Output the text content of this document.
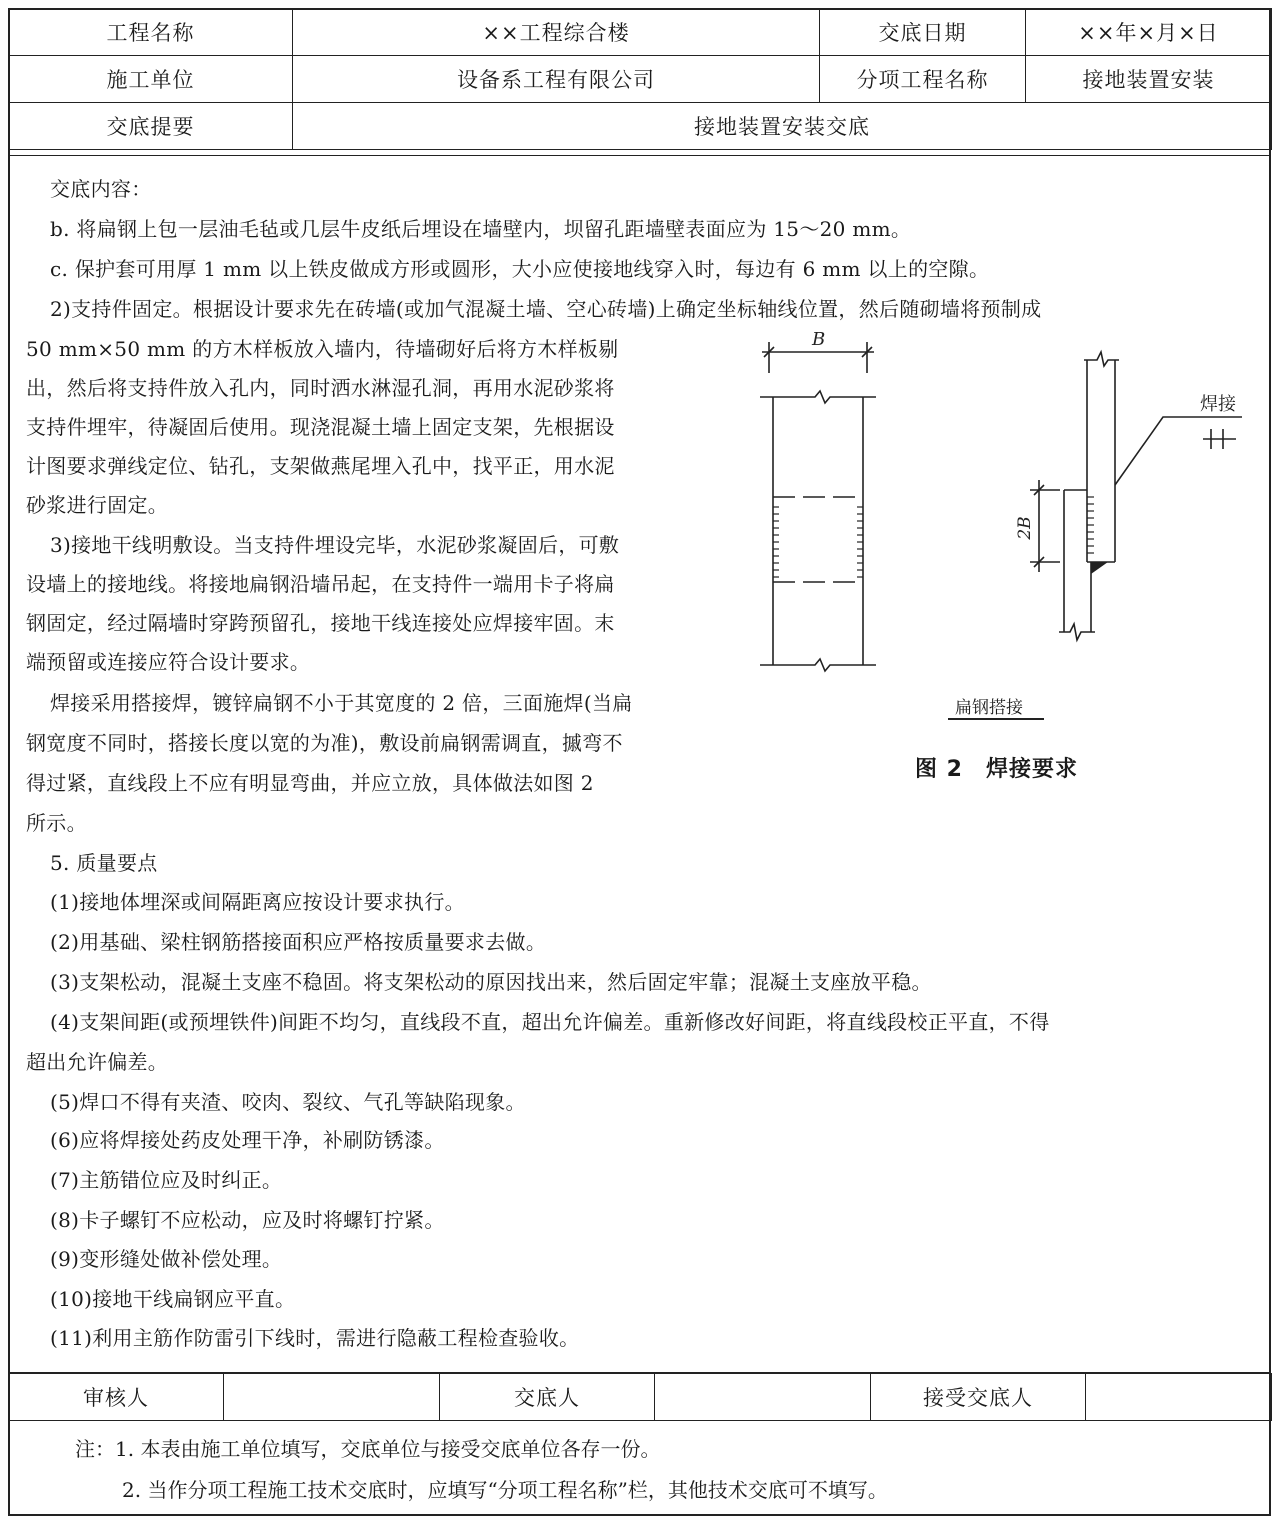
工程名称	××工程综合楼	交底日期	××年×月×日
施工单位	设备系工程有限公司	分项工程名称	接地装置安装
交底提要	接地装置安装交底		
交底内容：
b. 将扁钢上包一层油毛毡或几层牛皮纸后埋设在墙壁内，坝留孔距墙壁表面应为 15～20 mm。
c. 保护套可用厚 1 mm 以上铁皮做成方形或圆形，大小应使接地线穿入时，每边有 6 mm 以上的空隙。
2)支持件固定。根据设计要求先在砖墙(或加气混凝土墙、空心砖墙)上确定坐标轴线位置，然后随砌墙将预制成
50 mm×50 mm 的方木样板放入墙内，待墙砌好后将方木样板剔
出，然后将支持件放入孔内，同时洒水淋湿孔洞，再用水泥砂浆将
支持件埋牢，待凝固后使用。现浇混凝土墙上固定支架，先根据设
计图要求弹线定位、钻孔，支架做燕尾埋入孔中，找平正，用水泥
砂浆进行固定。
3)接地干线明敷设。当支持件埋设完毕，水泥砂浆凝固后，可敷
设墙上的接地线。将接地扁钢沿墙吊起，在支持件一端用卡子将扁
钢固定，经过隔墙时穿跨预留孔，接地干线连接处应焊接牢固。末
端预留或连接应符合设计要求。
焊接采用搭接焊，镀锌扁钢不小于其宽度的 2 倍，三面施焊(当扁
钢宽度不同时，搭接长度以宽的为准)，敷设前扁钢需调直，摵弯不
得过紧，直线段上不应有明显弯曲，并应立放，具体做法如图 2
所示。
5. 质量要点
(1)接地体埋深或间隔距离应按设计要求执行。
(2)用基础、梁柱钢筋搭接面积应严格按质量要求去做。
(3)支架松动，混凝土支座不稳固。将支架松动的原因找出来，然后固定牢靠；混凝土支座放平稳。
(4)支架间距(或预埋铁件)间距不均匀，直线段不直，超出允许偏差。重新修改好间距，将直线段校正平直，不得
超出允许偏差。
(5)焊口不得有夹渣、咬肉、裂纹、气孔等缺陷现象。
(6)应将焊接处药皮处理干净，补刷防锈漆。
(7)主筋错位应及时纠正。
(8)卡子螺钉不应松动，应及时将螺钉拧紧。
(9)变形缝处做补偿处理。
(10)接地干线扁钢应平直。
(11)利用主筋作防雷引下线时，需进行隐蔽工程检查验收。
B
2B
焊接
扁钢搭接
图 2　焊接要求
审核人		交底人		接受交底人	
注：1. 本表由施工单位填写，交底单位与接受交底单位各存一份。
2. 当作分项工程施工技术交底时，应填写“分项工程名称”栏，其他技术交底可不填写。
